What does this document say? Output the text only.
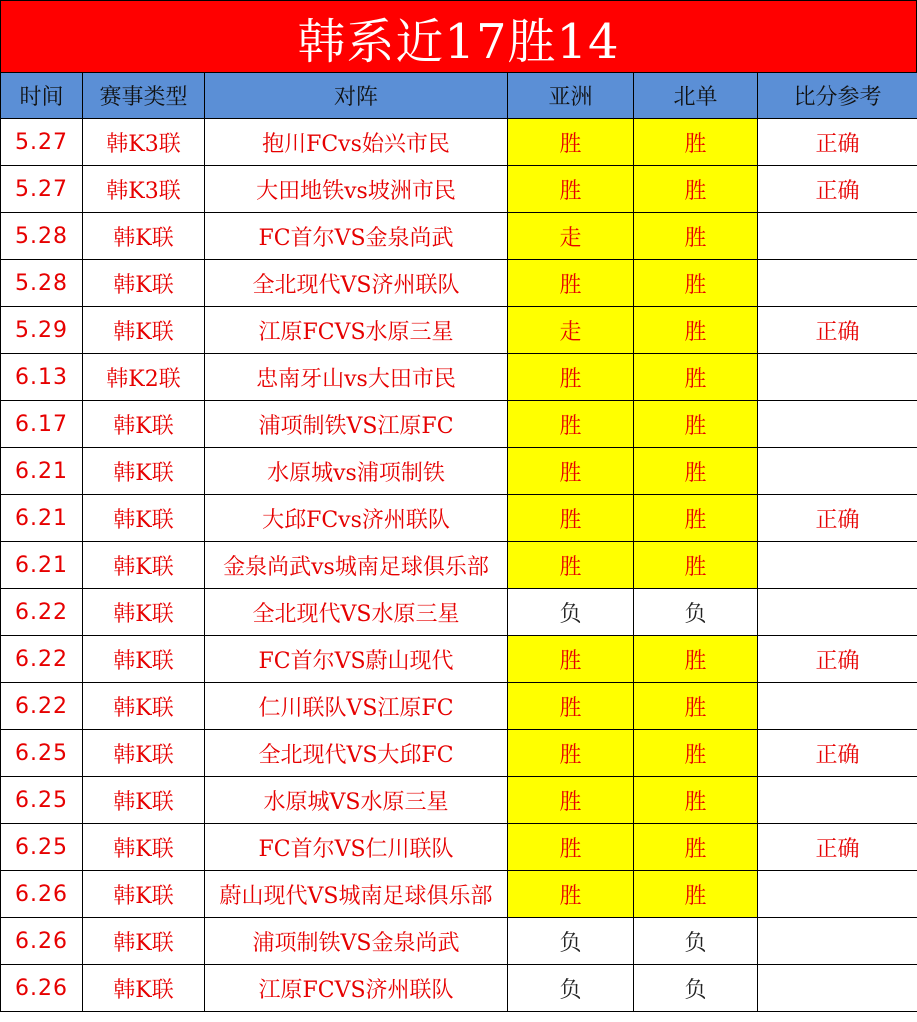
韩系近17胜14
时间	赛事类型	对阵	亚洲	北单	比分参考
5.27	韩K3联	抱川FCvs始兴市民	胜	胜	正确
5.27	韩K3联	大田地铁vs坡洲市民	胜	胜	正确
5.28	韩K联	FC首尔VS金泉尚武	走	胜	
5.28	韩K联	全北现代VS济州联队	胜	胜	
5.29	韩K联	江原FCVS水原三星	走	胜	正确
6.13	韩K2联	忠南牙山vs大田市民	胜	胜	
6.17	韩K联	浦项制铁VS江原FC	胜	胜	
6.21	韩K联	水原城vs浦项制铁	胜	胜	
6.21	韩K联	大邱FCvs济州联队	胜	胜	正确
6.21	韩K联	金泉尚武vs城南足球俱乐部	胜	胜	
6.22	韩K联	全北现代VS水原三星	负	负	
6.22	韩K联	FC首尔VS蔚山现代	胜	胜	正确
6.22	韩K联	仁川联队VS江原FC	胜	胜	
6.25	韩K联	全北现代VS大邱FC	胜	胜	正确
6.25	韩K联	水原城VS水原三星	胜	胜	
6.25	韩K联	FC首尔VS仁川联队	胜	胜	正确
6.26	韩K联	蔚山现代VS城南足球俱乐部	胜	胜	
6.26	韩K联	浦项制铁VS金泉尚武	负	负	
6.26	韩K联	江原FCVS济州联队	负	负	
